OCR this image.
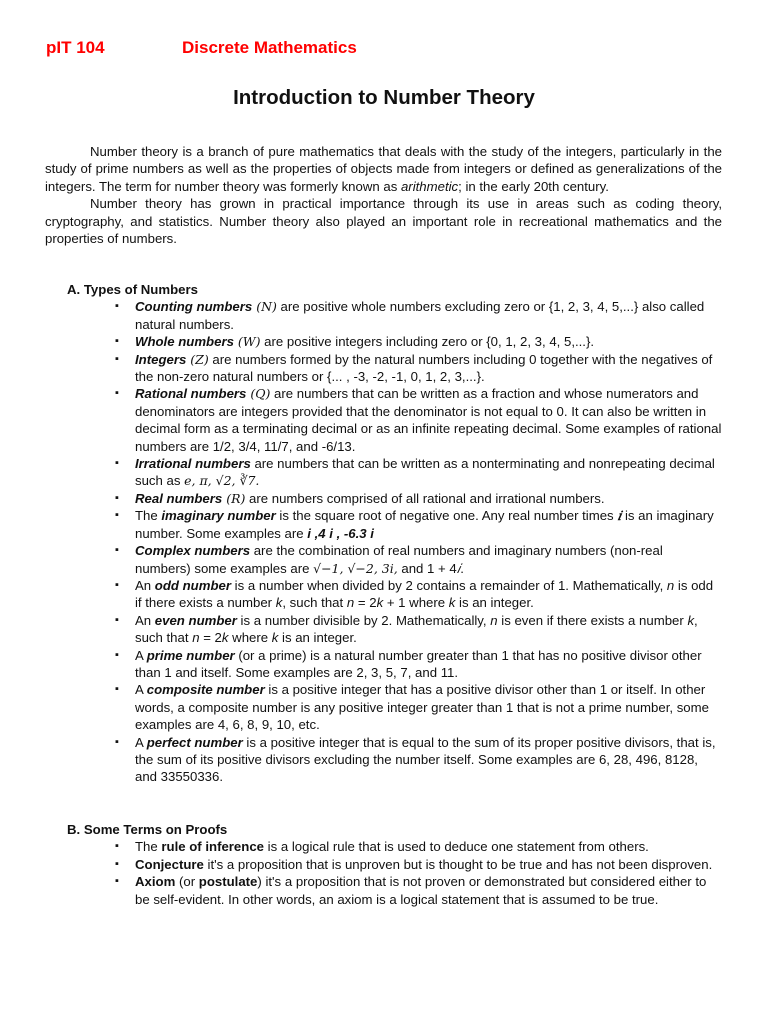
pIT 104	Discrete Mathematics
Introduction to Number Theory

Number theory is a branch of pure mathematics that deals with the study of the integers, particularly in the study of prime numbers as well as the properties of objects made from integers or defined as generalizations of the integers. The term for number theory was formerly known as arithmetic; in the early 20th century.

Number theory has grown in practical importance through its use in areas such as coding theory, cryptography, and statistics. Number theory also played an important role in recreational mathematics and the properties of numbers.

A. Types of Numbers

▪ Counting numbers (𝑁) are positive whole numbers excluding zero or {1, 2, 3, 4, 5,...} also called natural numbers.
▪ Whole numbers (𝑊) are positive integers including zero or {0, 1, 2, 3, 4, 5,...}.
▪ Integers (𝑍) are numbers formed by the natural numbers including 0 together with the negatives of the non-zero natural numbers or {... , -3, -2, -1, 0, 1, 2, 3,...}.
▪ Rational numbers (𝑄) are numbers that can be written as a fraction and whose numerators and denominators are integers provided that the denominator is not equal to 0. It can also be written in decimal form as a terminating decimal or as an infinite repeating decimal. Some examples of rational numbers are 1/2, 3/4, 11/7, and -6/13.
▪ Irrational numbers are numbers that can be written as a nonterminating and nonrepeating decimal such as 𝑒, 𝜋, √2, ∛7.
▪ Real numbers (𝑅) are numbers comprised of all rational and irrational numbers.
▪ The imaginary number is the square root of negative one. Any real number times 𝑖 is an imaginary number. Some examples are i ,4 i , -6.3 i
▪ Complex numbers are the combination of real numbers and imaginary numbers (non-real numbers) some examples are √−1, √−2, 3𝑖, and 1 + 4𝑖.
▪ An odd number is a number when divided by 2 contains a remainder of 1. Mathematically, n is odd if there exists a number k, such that n = 2k + 1 where k is an integer.
▪ An even number is a number divisible by 2. Mathematically, n is even if there exists a number k, such that n = 2k where k is an integer.
▪ A prime number (or a prime) is a natural number greater than 1 that has no positive divisor other than 1 and itself. Some examples are 2, 3, 5, 7, and 11.
▪ A composite number is a positive integer that has a positive divisor other than 1 or itself. In other words, a composite number is any positive integer greater than 1 that is not a prime number, some examples are 4, 6, 8, 9, 10, etc.
▪ A perfect number is a positive integer that is equal to the sum of its proper positive divisors, that is, the sum of its positive divisors excluding the number itself. Some examples are 6, 28, 496, 8128, and 33550336.

B. Some Terms on Proofs

▪ The rule of inference is a logical rule that is used to deduce one statement from others.
▪ Conjecture it's a proposition that is unproven but is thought to be true and has not been disproven.
▪ Axiom (or postulate) it's a proposition that is not proven or demonstrated but considered either to be self-evident. In other words, an axiom is a logical statement that is assumed to be true.
